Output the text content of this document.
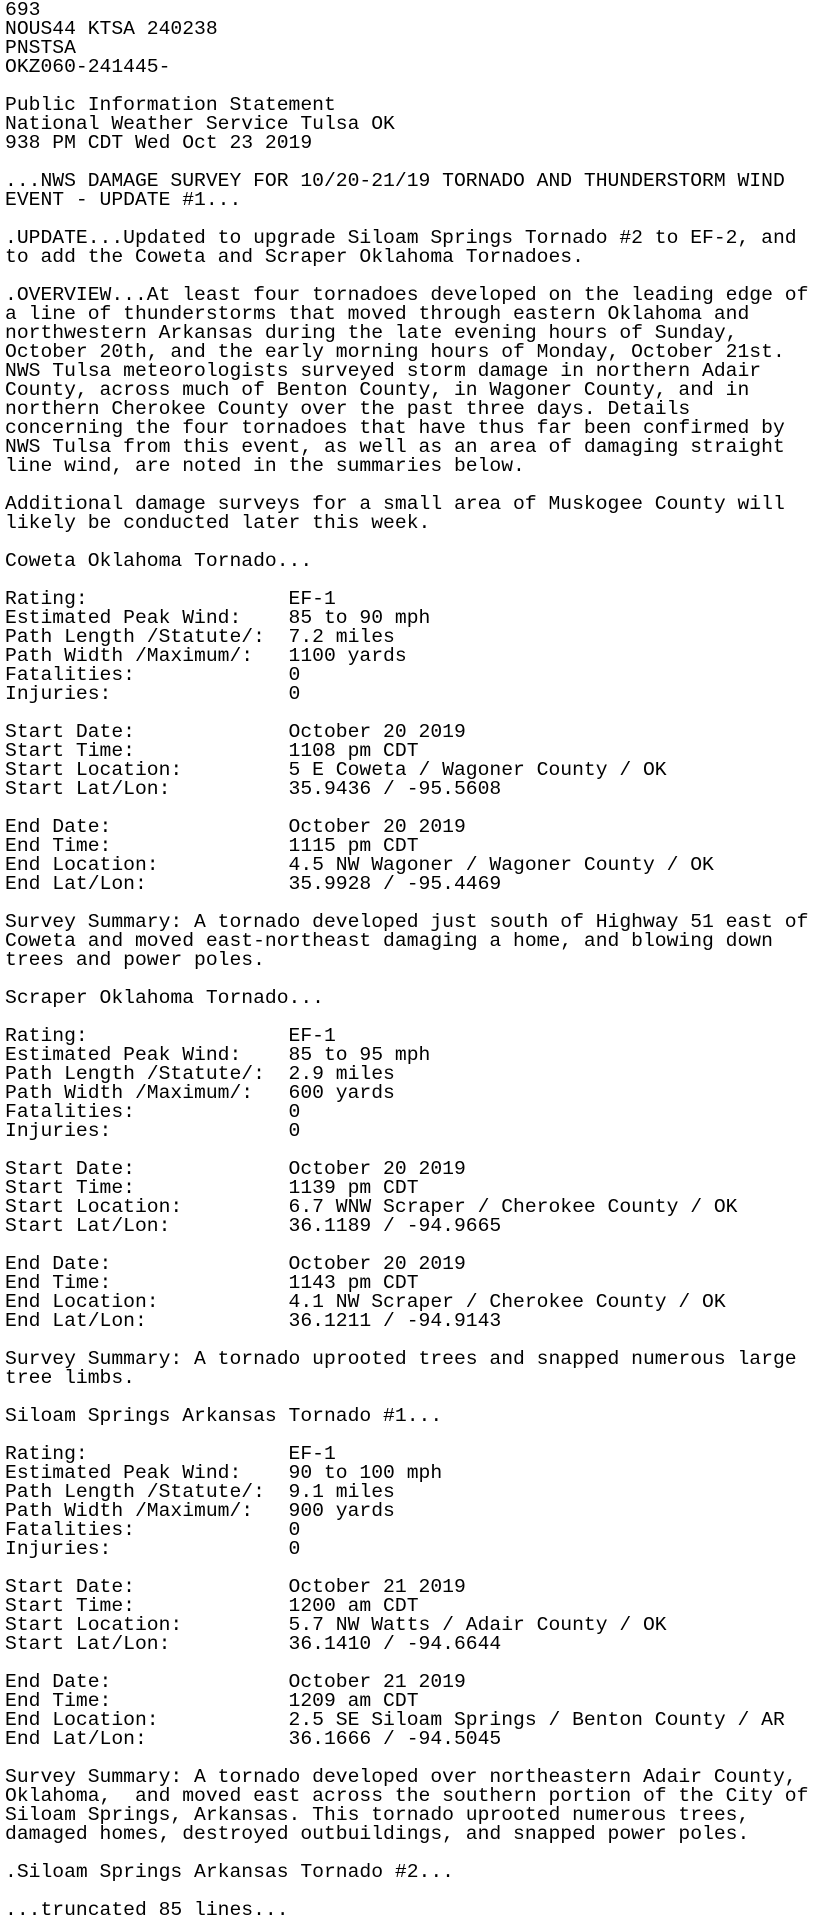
693
NOUS44 KTSA 240238
PNSTSA
OKZ060-241445-

Public Information Statement
National Weather Service Tulsa OK
938 PM CDT Wed Oct 23 2019

...NWS DAMAGE SURVEY FOR 10/20-21/19 TORNADO AND THUNDERSTORM WIND
EVENT - UPDATE #1...

.UPDATE...Updated to upgrade Siloam Springs Tornado #2 to EF-2, and
to add the Coweta and Scraper Oklahoma Tornadoes.

.OVERVIEW...At least four tornadoes developed on the leading edge of
a line of thunderstorms that moved through eastern Oklahoma and
northwestern Arkansas during the late evening hours of Sunday,
October 20th, and the early morning hours of Monday, October 21st.
NWS Tulsa meteorologists surveyed storm damage in northern Adair
County, across much of Benton County, in Wagoner County, and in
northern Cherokee County over the past three days. Details
concerning the four tornadoes that have thus far been confirmed by
NWS Tulsa from this event, as well as an area of damaging straight
line wind, are noted in the summaries below.

Additional damage surveys for a small area of Muskogee County will
likely be conducted later this week.

Coweta Oklahoma Tornado...

Rating:                 EF-1
Estimated Peak Wind:    85 to 90 mph
Path Length /Statute/:  7.2 miles
Path Width /Maximum/:   1100 yards
Fatalities:             0
Injuries:               0

Start Date:             October 20 2019
Start Time:             1108 pm CDT
Start Location:         5 E Coweta / Wagoner County / OK
Start Lat/Lon:          35.9436 / -95.5608

End Date:               October 20 2019
End Time:               1115 pm CDT
End Location:           4.5 NW Wagoner / Wagoner County / OK
End Lat/Lon:            35.9928 / -95.4469

Survey Summary: A tornado developed just south of Highway 51 east of
Coweta and moved east-northeast damaging a home, and blowing down
trees and power poles.

Scraper Oklahoma Tornado...

Rating:                 EF-1
Estimated Peak Wind:    85 to 95 mph
Path Length /Statute/:  2.9 miles
Path Width /Maximum/:   600 yards
Fatalities:             0
Injuries:               0

Start Date:             October 20 2019
Start Time:             1139 pm CDT
Start Location:         6.7 WNW Scraper / Cherokee County / OK
Start Lat/Lon:          36.1189 / -94.9665

End Date:               October 20 2019
End Time:               1143 pm CDT
End Location:           4.1 NW Scraper / Cherokee County / OK
End Lat/Lon:            36.1211 / -94.9143

Survey Summary: A tornado uprooted trees and snapped numerous large
tree limbs.

Siloam Springs Arkansas Tornado #1...

Rating:                 EF-1
Estimated Peak Wind:    90 to 100 mph
Path Length /Statute/:  9.1 miles
Path Width /Maximum/:   900 yards
Fatalities:             0
Injuries:               0

Start Date:             October 21 2019
Start Time:             1200 am CDT
Start Location:         5.7 NW Watts / Adair County / OK
Start Lat/Lon:          36.1410 / -94.6644

End Date:               October 21 2019
End Time:               1209 am CDT
End Location:           2.5 SE Siloam Springs / Benton County / AR
End Lat/Lon:            36.1666 / -94.5045

Survey Summary: A tornado developed over northeastern Adair County,
Oklahoma,  and moved east across the southern portion of the City of
Siloam Springs, Arkansas. This tornado uprooted numerous trees,
damaged homes, destroyed outbuildings, and snapped power poles.

.Siloam Springs Arkansas Tornado #2...

...truncated 85 lines...
